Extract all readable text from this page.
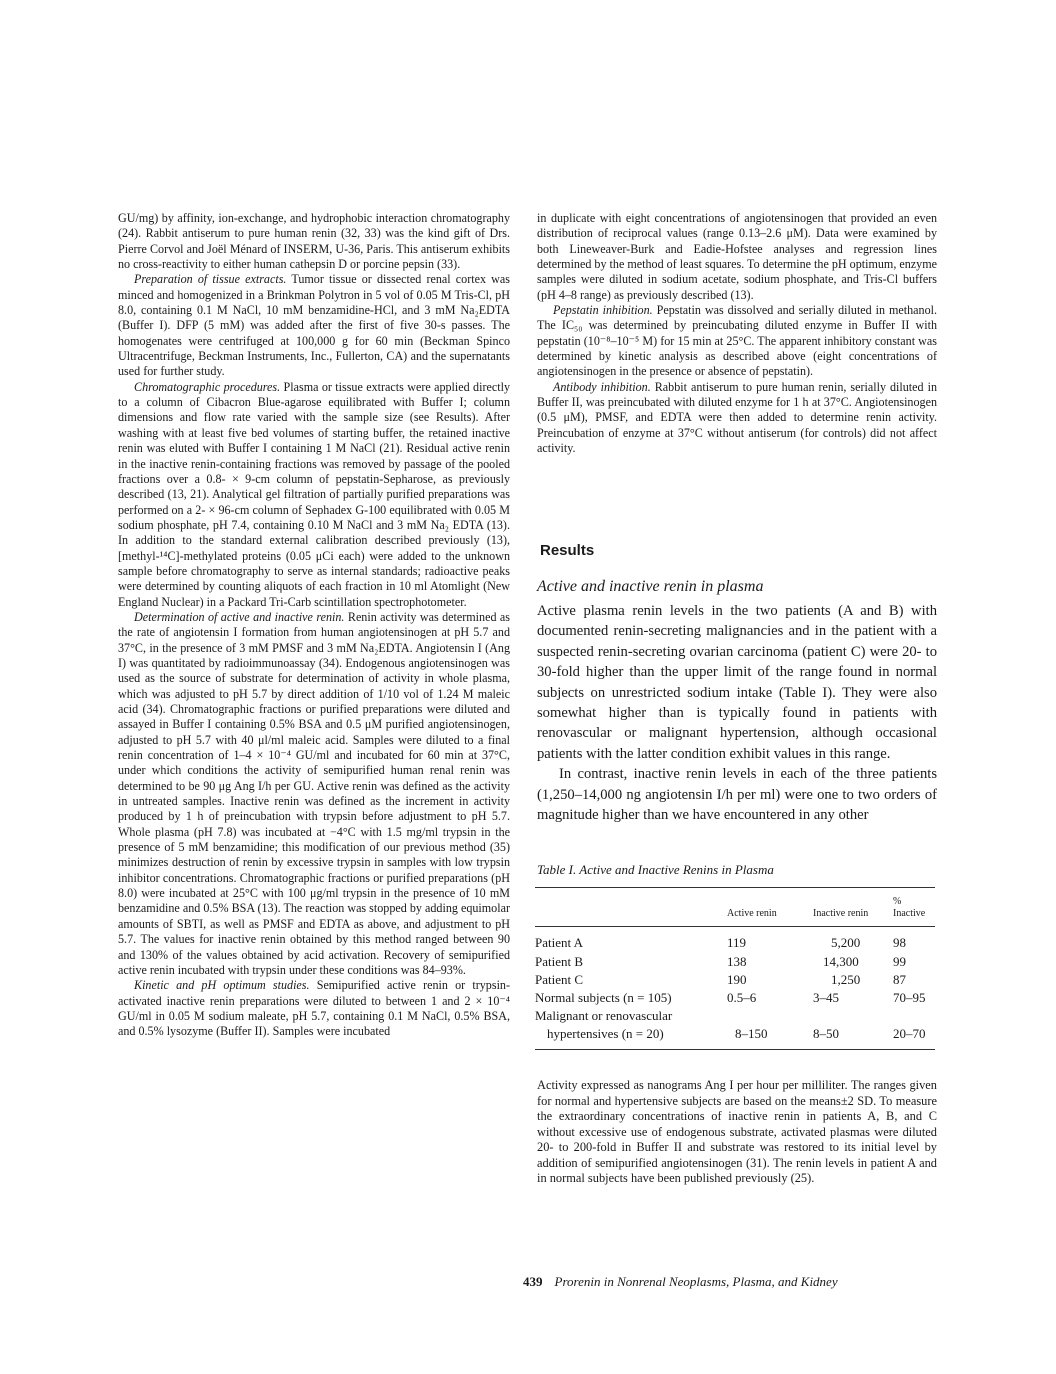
GU/mg) by affinity, ion-exchange, and hydrophobic interaction chromatography (24). Rabbit antiserum to pure human renin (32, 33) was the kind gift of Drs. Pierre Corvol and Joël Ménard of INSERM, U-36, Paris. This antiserum exhibits no cross-reactivity to either human cathepsin D or porcine pepsin (33).

Preparation of tissue extracts. Tumor tissue or dissected renal cortex was minced and homogenized in a Brinkman Polytron in 5 vol of 0.05 M Tris-Cl, pH 8.0, containing 0.1 M NaCl, 10 mM benzamidine-HCl, and 3 mM Na₂EDTA (Buffer I). DFP (5 mM) was added after the first of five 30-s passes. The homogenates were centrifuged at 100,000 g for 60 min (Beckman Spinco Ultracentrifuge, Beckman Instruments, Inc., Fullerton, CA) and the supernatants used for further study.

Chromatographic procedures. Plasma or tissue extracts were applied directly to a column of Cibacron Blue-agarose equilibrated with Buffer I; column dimensions and flow rate varied with the sample size (see Results). After washing with at least five bed volumes of starting buffer, the retained inactive renin was eluted with Buffer I containing 1 M NaCl (21). Residual active renin in the inactive renin-containing fractions was removed by passage of the pooled fractions over a 0.8- × 9-cm column of pepstatin-Sepharose, as previously described (13, 21). Analytical gel filtration of partially purified preparations was performed on a 2- × 96-cm column of Sephadex G-100 equilibrated with 0.05 M sodium phosphate, pH 7.4, containing 0.10 M NaCl and 3 mM Na₂ EDTA (13). In addition to the standard external calibration described previously (13), [methyl-¹⁴C]-methylated proteins (0.05 μCi each) were added to the unknown sample before chromatography to serve as internal standards; radioactive peaks were determined by counting aliquots of each fraction in 10 ml Atomlight (New England Nuclear) in a Packard Tri-Carb scintillation spectrophotometer.

Determination of active and inactive renin. Renin activity was determined as the rate of angiotensin I formation from human angiotensinogen at pH 5.7 and 37°C, in the presence of 3 mM PMSF and 3 mM Na₂EDTA. Angiotensin I (Ang I) was quantitated by radioimmunoassay (34). Endogenous angiotensinogen was used as the source of substrate for determination of activity in whole plasma, which was adjusted to pH 5.7 by direct addition of 1/10 vol of 1.24 M maleic acid (34). Chromatographic fractions or purified preparations were diluted and assayed in Buffer I containing 0.5% BSA and 0.5 μM purified angiotensinogen, adjusted to pH 5.7 with 40 μl/ml maleic acid. Samples were diluted to a final renin concentration of 1–4 × 10⁻⁴ GU/ml and incubated for 60 min at 37°C, under which conditions the activity of semipurified human renal renin was determined to be 90 μg Ang I/h per GU. Active renin was defined as the activity in untreated samples. Inactive renin was defined as the increment in activity produced by 1 h of preincubation with trypsin before adjustment to pH 5.7. Whole plasma (pH 7.8) was incubated at −4°C with 1.5 mg/ml trypsin in the presence of 5 mM benzamidine; this modification of our previous method (35) minimizes destruction of renin by excessive trypsin in samples with low trypsin inhibitor concentrations. Chromatographic fractions or purified preparations (pH 8.0) were incubated at 25°C with 100 μg/ml trypsin in the presence of 10 mM benzamidine and 0.5% BSA (13). The reaction was stopped by adding equimolar amounts of SBTI, as well as PMSF and EDTA as above, and adjustment to pH 5.7. The values for inactive renin obtained by this method ranged between 90 and 130% of the values obtained by acid activation. Recovery of semipurified active renin incubated with trypsin under these conditions was 84–93%.

Kinetic and pH optimum studies. Semipurified active renin or trypsin-activated inactive renin preparations were diluted to between 1 and 2 × 10⁻⁴ GU/ml in 0.05 M sodium maleate, pH 5.7, containing 0.1 M NaCl, 0.5% BSA, and 0.5% lysozyme (Buffer II). Samples were incubated

in duplicate with eight concentrations of angiotensinogen that provided an even distribution of reciprocal values (range 0.13–2.6 μM). Data were examined by both Lineweaver-Burk and Eadie-Hofstee analyses and regression lines determined by the method of least squares. To determine the pH optimum, enzyme samples were diluted in sodium acetate, sodium phosphate, and Tris-Cl buffers (pH 4–8 range) as previously described (13).

Pepstatin inhibition. Pepstatin was dissolved and serially diluted in methanol. The IC₅₀ was determined by preincubating diluted enzyme in Buffer II with pepstatin (10⁻⁸–10⁻⁵ M) for 15 min at 25°C. The apparent inhibitory constant was determined by kinetic analysis as described above (eight concentrations of angiotensinogen in the presence or absence of pepstatin).

Antibody inhibition. Rabbit antiserum to pure human renin, serially diluted in Buffer II, was preincubated with diluted enzyme for 1 h at 37°C. Angiotensinogen (0.5 μM), PMSF, and EDTA were then added to determine renin activity. Preincubation of enzyme at 37°C without antiserum (for controls) did not affect activity.

Results
Active and inactive renin in plasma

Active plasma renin levels in the two patients (A and B) with documented renin-secreting malignancies and in the patient with a suspected renin-secreting ovarian carcinoma (patient C) were 20- to 30-fold higher than the upper limit of the range found in normal subjects on unrestricted sodium intake (Table I). They were also somewhat higher than is typically found in patients with renovascular or malignant hypertension, although occasional patients with the latter condition exhibit values in this range.

In contrast, inactive renin levels in each of the three patients (1,250–14,000 ng angiotensin I/h per ml) were one to two orders of magnitude higher than we have encountered in any other

Table I. Active and Inactive Renins in Plasma
	Active renin	Inactive renin	% Inactive
Patient A	119	5,200	98
Patient B	138	14,300	99
Patient C	190	1,250	87
Normal subjects (n = 105)	0.5–6	3–45	70–95
Malignant or renovascular			
hypertensives (n = 20)	8–150	8–50	20–70
Activity expressed as nanograms Ang I per hour per milliliter. The ranges given for normal and hypertensive subjects are based on the means±2 SD. To measure the extraordinary concentrations of inactive renin in patients A, B, and C without excessive use of endogenous substrate, activated plasmas were diluted 20- to 200-fold in Buffer II and substrate was restored to its initial level by addition of semipurified angiotensinogen (31). The renin levels in patient A and in normal subjects have been published previously (25).
439 Prorenin in Nonrenal Neoplasms, Plasma, and Kidney
